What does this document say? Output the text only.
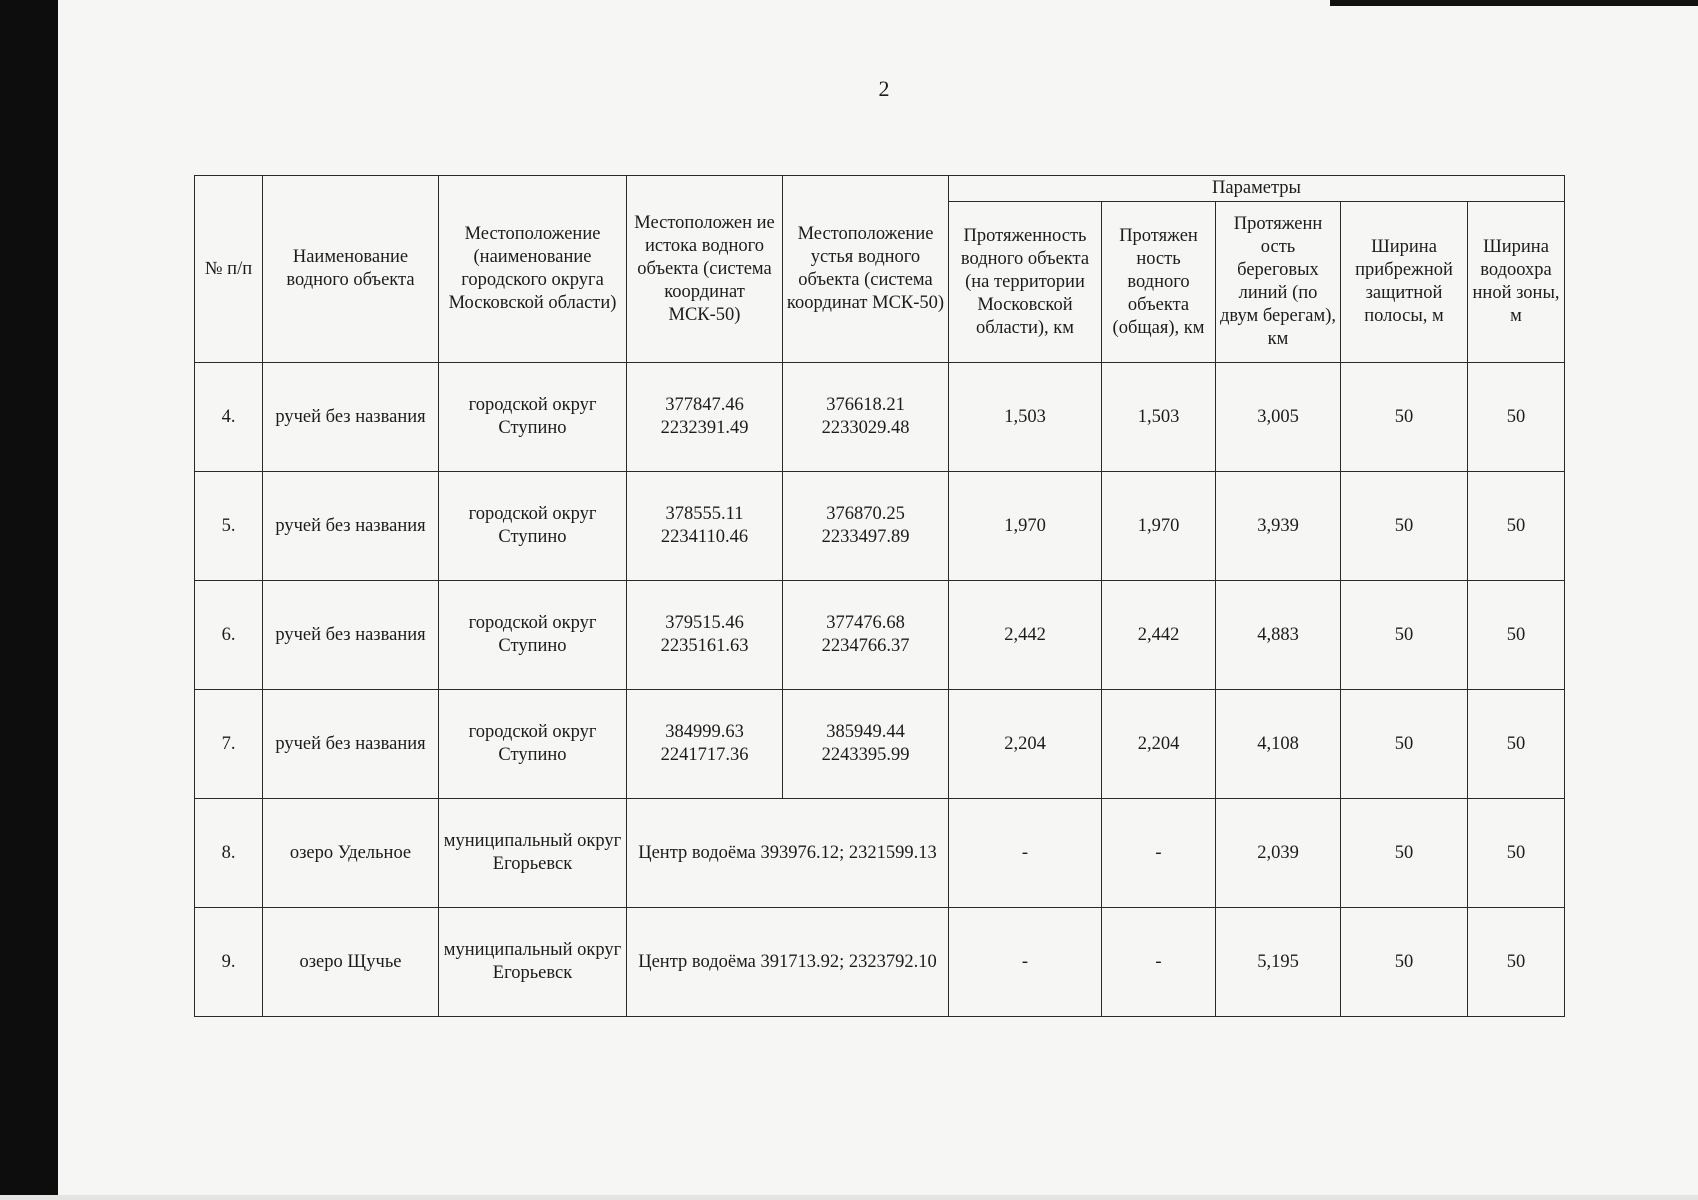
2
№ п/п	Наименование водного объекта	Местоположение (наименование городского округа Московской области)	Местоположен ие истока водного объекта (система координат МСК-50)	Местоположение устья водного объекта (система координат МСК-50)	Параметры				
					Протяженность водного объекта (на территории Московской области), км	Протяжен ность водного объекта (общая), км	Протяженн ость береговых линий (по двум берегам), км	Ширина прибрежной защитной полосы, м	Ширина водоохра нной зоны, м
4.	ручей без названия	городской округ Ступино	377847.46 2232391.49	376618.21 2233029.48	1,503	1,503	3,005	50	50
5.	ручей без названия	городской округ Ступино	378555.11 2234110.46	376870.25 2233497.89	1,970	1,970	3,939	50	50
6.	ручей без названия	городской округ Ступино	379515.46 2235161.63	377476.68 2234766.37	2,442	2,442	4,883	50	50
7.	ручей без названия	городской округ Ступино	384999.63 2241717.36	385949.44 2243395.99	2,204	2,204	4,108	50	50
8.	озеро Удельное	муниципальный округ Егорьевск	Центр водоёма 393976.12; 2321599.13		-	-	2,039	50	50
9.	озеро Щучье	муниципальный округ Егорьевск	Центр водоёма 391713.92; 2323792.10		-	-	5,195	50	50
